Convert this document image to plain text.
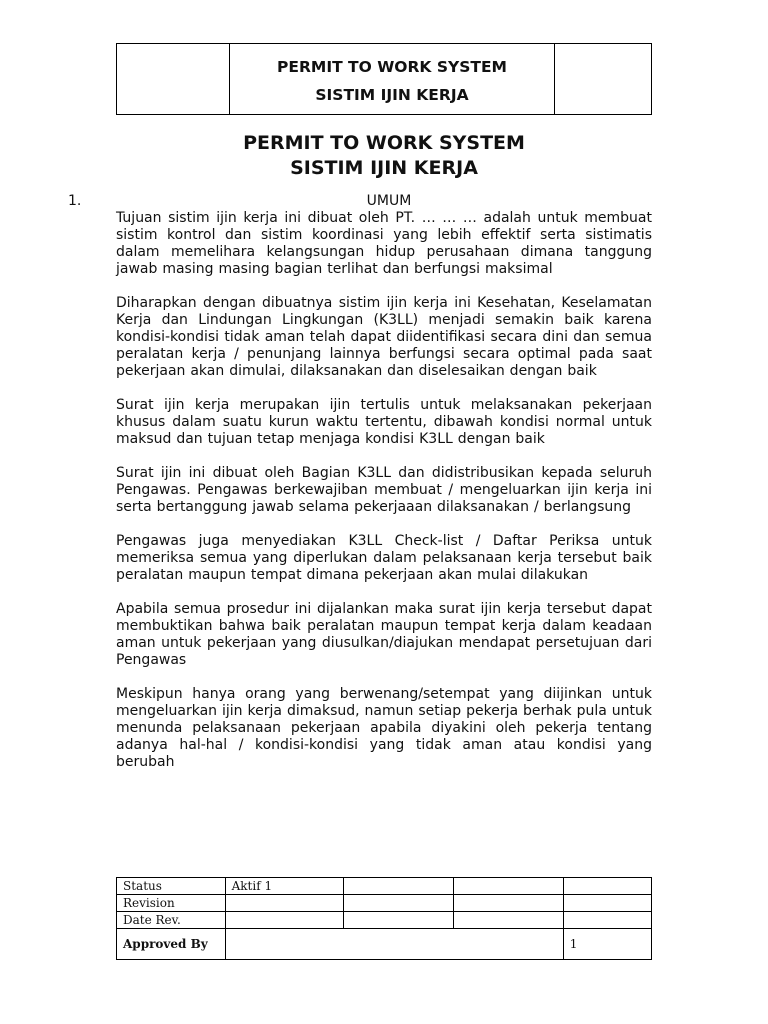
PERMIT TO WORK SYSTEM
SISTIM IJIN KERJA

PERMIT TO WORK SYSTEM
SISTIM IJIN KERJA
1.	UMUM

Tujuan sistim ijin kerja ini dibuat oleh PT. … … … adalah untuk membuat sistim kontrol dan sistim koordinasi yang lebih effektif serta sistimatis dalam memelihara kelangsungan hidup perusahaan dimana tanggung jawab masing masing bagian terlihat dan berfungsi maksimal

Diharapkan dengan dibuatnya sistim ijin kerja ini Kesehatan, Keselamatan Kerja dan Lindungan Lingkungan (K3LL) menjadi semakin baik karena kondisi-kondisi tidak aman telah dapat diidentifikasi secara dini dan semua peralatan kerja / penunjang lainnya berfungsi secara optimal pada saat pekerjaan akan dimulai, dilaksanakan dan diselesaikan dengan baik

Surat ijin kerja merupakan ijin tertulis untuk melaksanakan pekerjaan khusus dalam suatu kurun waktu tertentu, dibawah kondisi normal untuk maksud dan tujuan tetap menjaga kondisi K3LL dengan baik

Surat ijin ini dibuat oleh Bagian K3LL dan didistribusikan kepada seluruh Pengawas. Pengawas berkewajiban membuat / mengeluarkan ijin kerja ini serta bertanggung jawab selama pekerjaaan dilaksanakan / berlangsung

Pengawas juga menyediakan K3LL Check-list / Daftar Periksa untuk memeriksa semua yang diperlukan dalam pelaksanaan kerja tersebut baik peralatan maupun tempat dimana pekerjaan akan mulai dilakukan

Apabila semua prosedur ini dijalankan maka surat ijin kerja tersebut dapat membuktikan bahwa baik peralatan maupun tempat kerja dalam keadaan aman untuk pekerjaan yang diusulkan/diajukan mendapat persetujuan dari Pengawas

Meskipun hanya orang yang berwenang/setempat yang diijinkan untuk mengeluarkan ijin kerja dimaksud, namun setiap pekerja berhak pula untuk menunda pelaksanaan pekerjaan apabila diyakini oleh pekerja tentang adanya hal-hal / kondisi-kondisi yang tidak aman atau kondisi yang berubah

Status	Aktif 1			
Revision				
Date Rev.				
Approved By				1
